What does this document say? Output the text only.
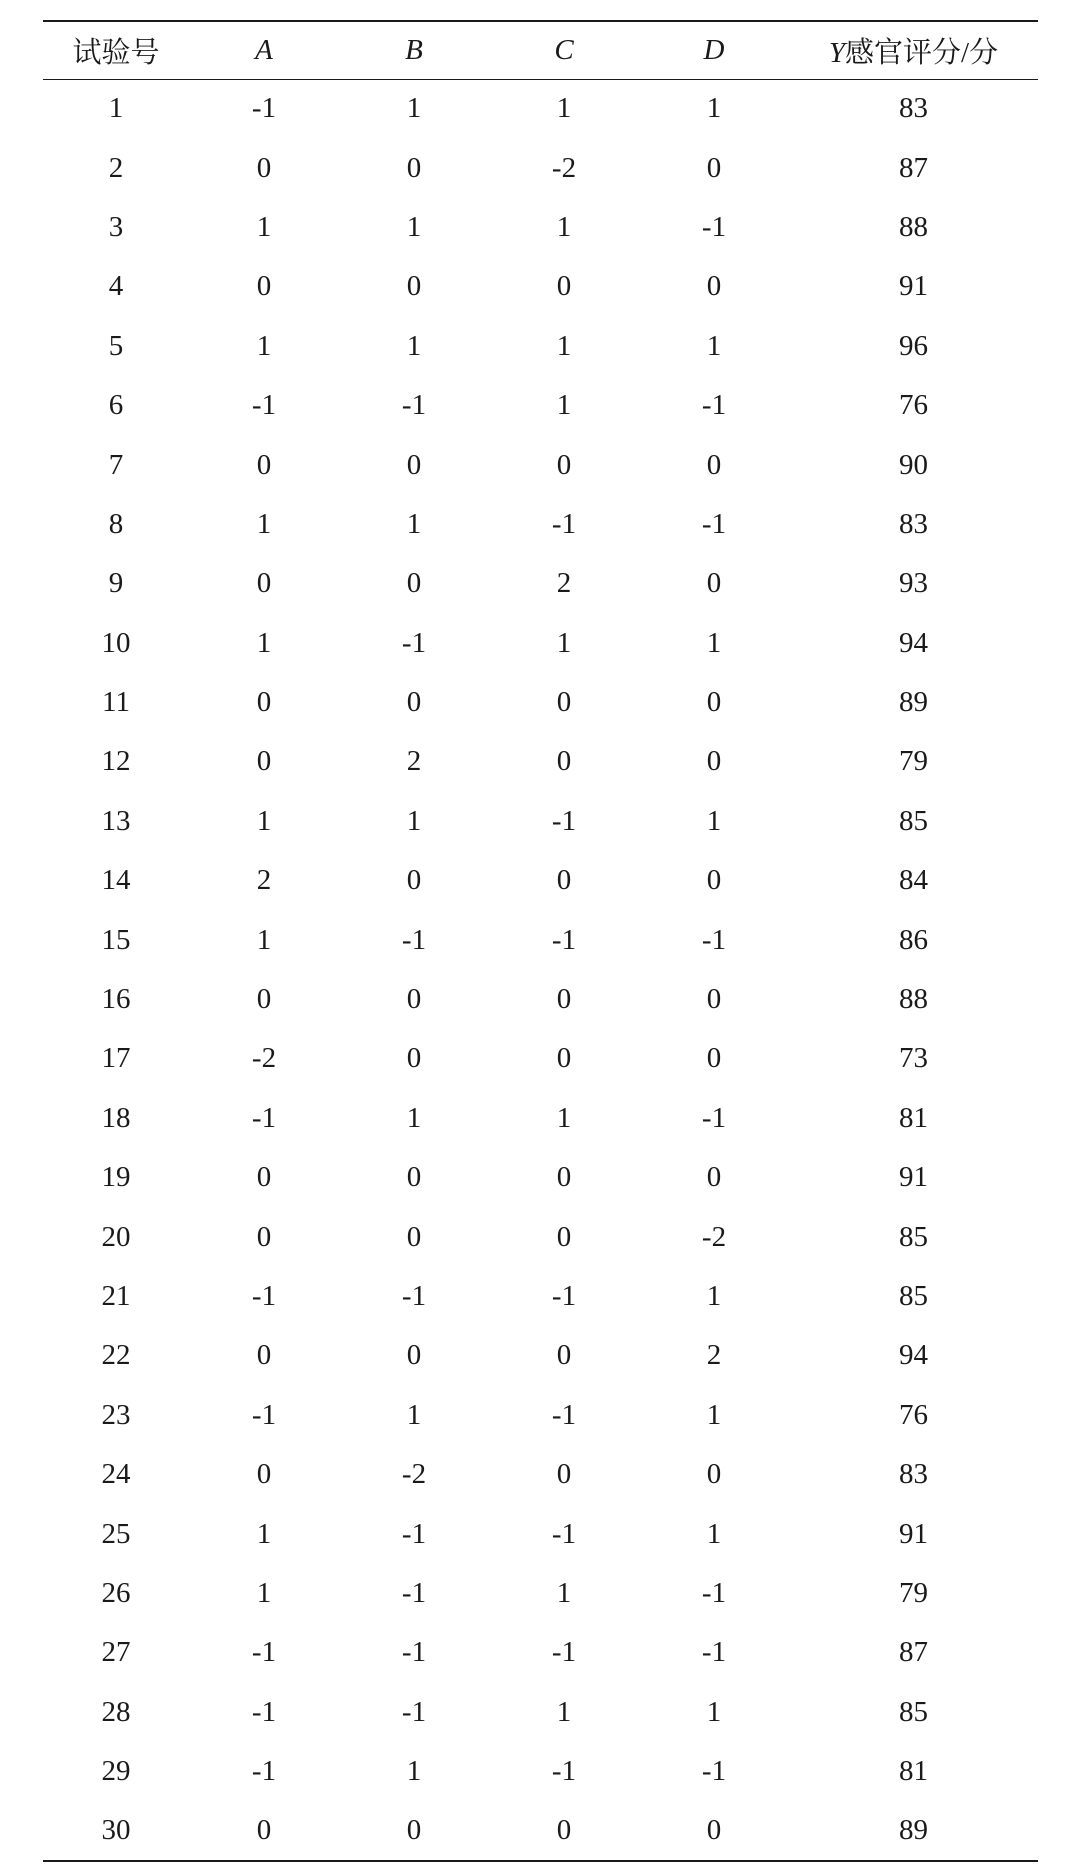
试验号	A	B	C	D	Y感官评分/分
1	-1	1	1	1	83
2	0	0	-2	0	87
3	1	1	1	-1	88
4	0	0	0	0	91
5	1	1	1	1	96
6	-1	-1	1	-1	76
7	0	0	0	0	90
8	1	1	-1	-1	83
9	0	0	2	0	93
10	1	-1	1	1	94
11	0	0	0	0	89
12	0	2	0	0	79
13	1	1	-1	1	85
14	2	0	0	0	84
15	1	-1	-1	-1	86
16	0	0	0	0	88
17	-2	0	0	0	73
18	-1	1	1	-1	81
19	0	0	0	0	91
20	0	0	0	-2	85
21	-1	-1	-1	1	85
22	0	0	0	2	94
23	-1	1	-1	1	76
24	0	-2	0	0	83
25	1	-1	-1	1	91
26	1	-1	1	-1	79
27	-1	-1	-1	-1	87
28	-1	-1	1	1	85
29	-1	1	-1	-1	81
30	0	0	0	0	89
